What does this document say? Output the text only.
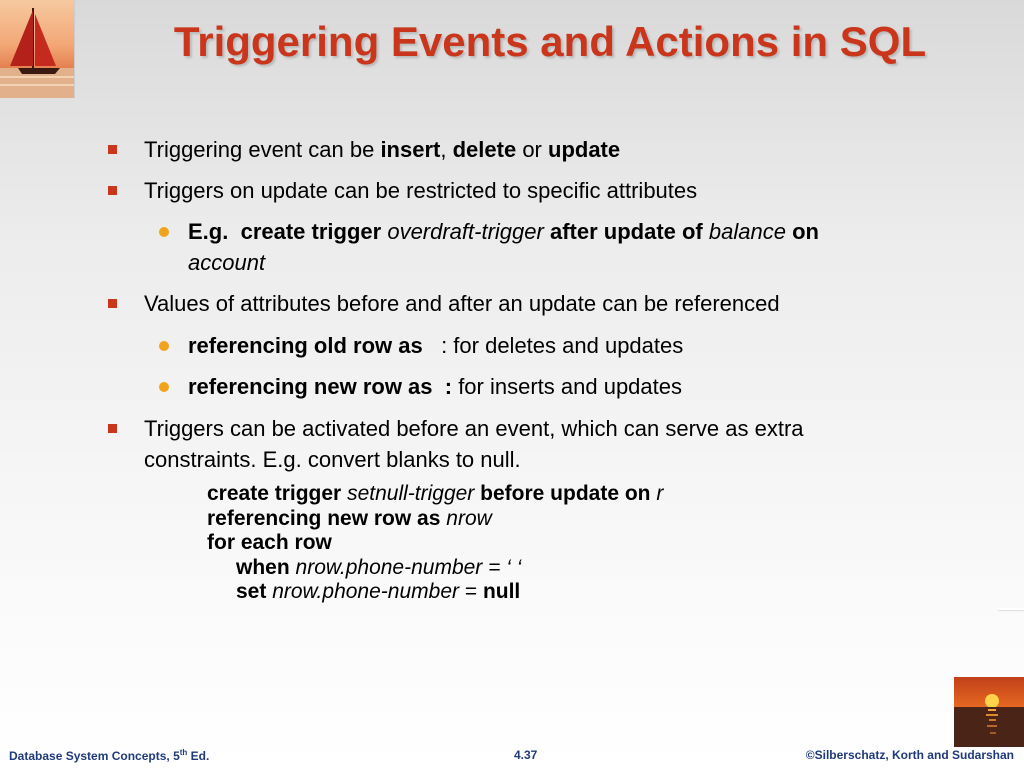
Triggering Events and Actions in SQL
Triggering event can be insert, delete or update
Triggers on update can be restricted to specific attributes
E.g. create trigger overdraft-trigger after update of balance on
account
Values of attributes before and after an update can be referenced
referencing old row as : for deletes and updates
referencing new row as  : for inserts and updates
Triggers can be activated before an event, which can serve as extra
constraints. E.g. convert blanks to null.
create trigger setnull-trigger before update on r
referencing new row as nrow
for each row
when nrow.phone-number = ‘ ‘
set nrow.phone-number = null
Database System Concepts, 5th Ed.	4.37	©Silberschatz, Korth and Sudarshan
